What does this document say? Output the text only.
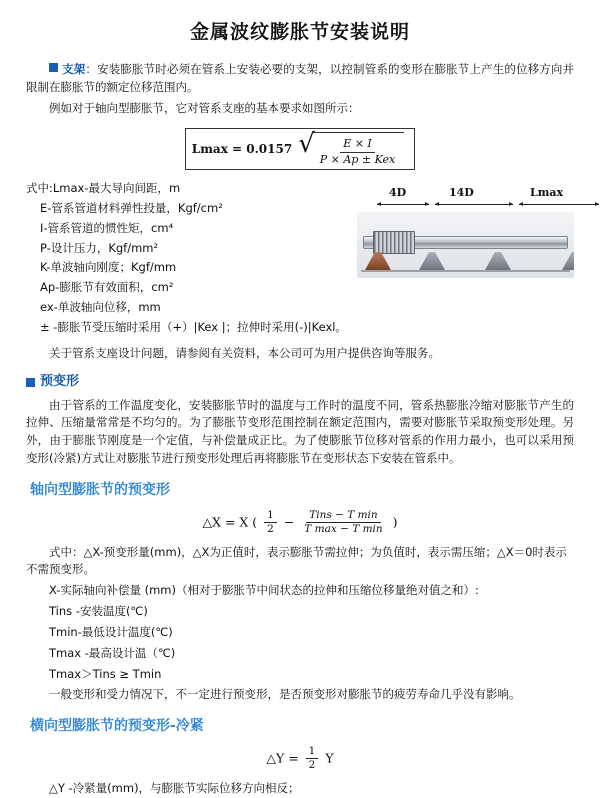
金属波纹膨胀节安装说明

支架：安装膨胀节时必须在管系上安装必要的支架，以控制管系的变形在膨胀节上产生的位移方向并限制在膨胀节的额定位移范围内。

例如对于轴向型膨胀节，它对管系支座的基本要求如图所示：

Lmax = 0.0157 √ $\frac{E \times I}{\text{P × Ap ± Kex}}$
式中:Lmax-最大导向间距，m
E-管系管道材料弹性投量，Kgf/cm²
I-管系管道的惯性矩，cm⁴
P-设计压力，Kgf/mm²
K-单波轴向刚度；Kgf/mm
Ap-膨胀节有效面积，cm²
ex-单波轴向位移，mm
± -膨胀节受压缩时采用（+）|Kex |；拉伸时采用(-)|Kexl。
4D	14D	Lmax

关于管系支座设计问题，请参阅有关资料，本公司可为用户提供咨询等服务。

预变形

由于管系的工作温度变化，安装膨胀节时的温度与工作时的温度不同，管系热膨胀冷缩对膨胀节产生的拉伸、压缩量常常是不均匀的。为了膨胀节变形范围控制在额定范围内，需要对膨胀节采取预变形处理。另外，由于膨胀节刚度是一个定值，与补偿量成正比。为了使膨胀节位移对管系的作用力最小，也可以采用预变形(冷紧)方式让对膨胀节进行预变形处理后再将膨胀节在变形状态下安装在管系中。

轴向型膨胀节的预变形
△X = X ( $\frac{1}{2} - \frac{\text{Tins − T min}}{\text{T max − T min}}$ )
式中：△X-预变形量(mm)，△X为正值时，表示膨胀节需拉伸；为负值时，表示需压缩；△X＝0时表示不需预变形。
X-实际轴向补偿量 (mm)（相对于膨胀节中间状态的拉伸和压缩位移量绝对值之和）:
Tins -安装温度(℃)
Tmin-最低设计温度(℃)
Tmax -最高设计温（℃)
Tmax＞Tins ≥ Tmin
一般变形和受力情况下，不一定进行预变形，是否预变形对膨胀节的疲劳寿命几乎没有影响。
横向型膨胀节的预变形-冷紧
△Y = $\frac{1}{2}$ Y
△Y -冷紧量(mm)，与膨胀节实际位移方向相反；
